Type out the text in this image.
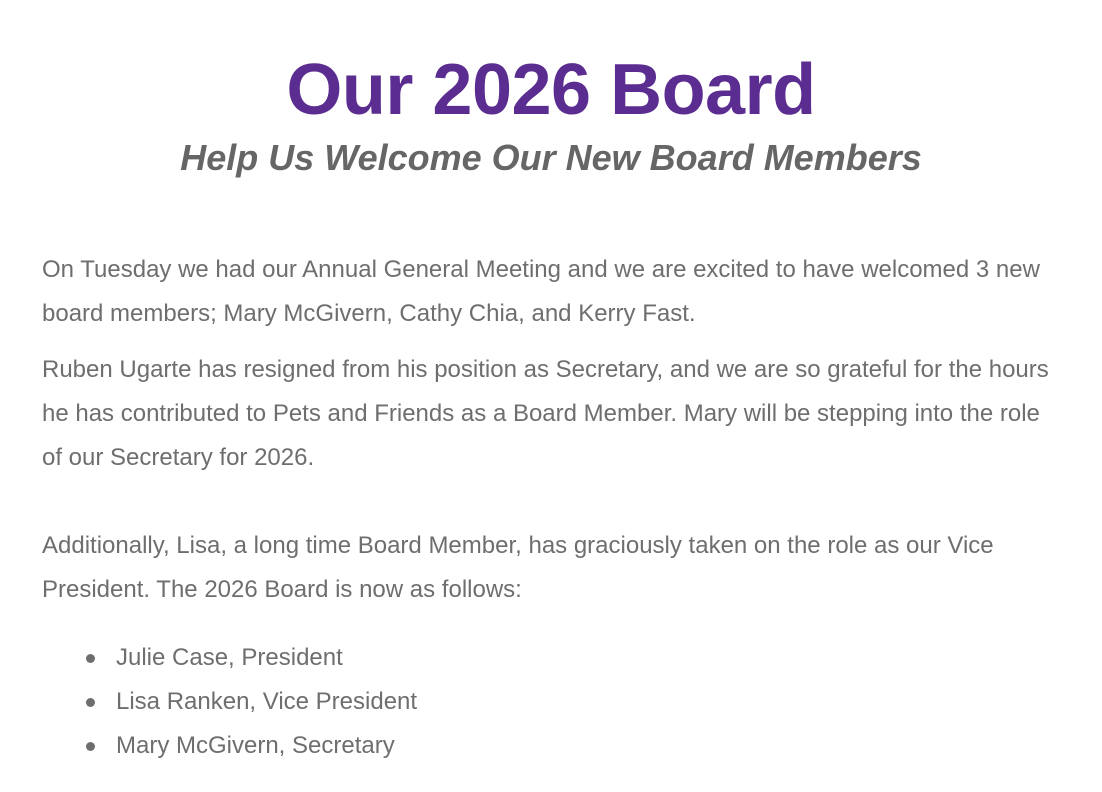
Our 2026 Board
Help Us Welcome Our New Board Members

On Tuesday we had our Annual General Meeting and we are excited to have welcomed 3 new board members; Mary McGivern, Cathy Chia, and Kerry Fast.

Ruben Ugarte has resigned from his position as Secretary, and we are so grateful for the hours he has contributed to Pets and Friends as a Board Member. Mary will be stepping into the role of our Secretary for 2026.

Additionally, Lisa, a long time Board Member, has graciously taken on the role as our Vice President. The 2026 Board is now as follows:

Julie Case, President
Lisa Ranken, Vice President
Mary McGivern, Secretary
